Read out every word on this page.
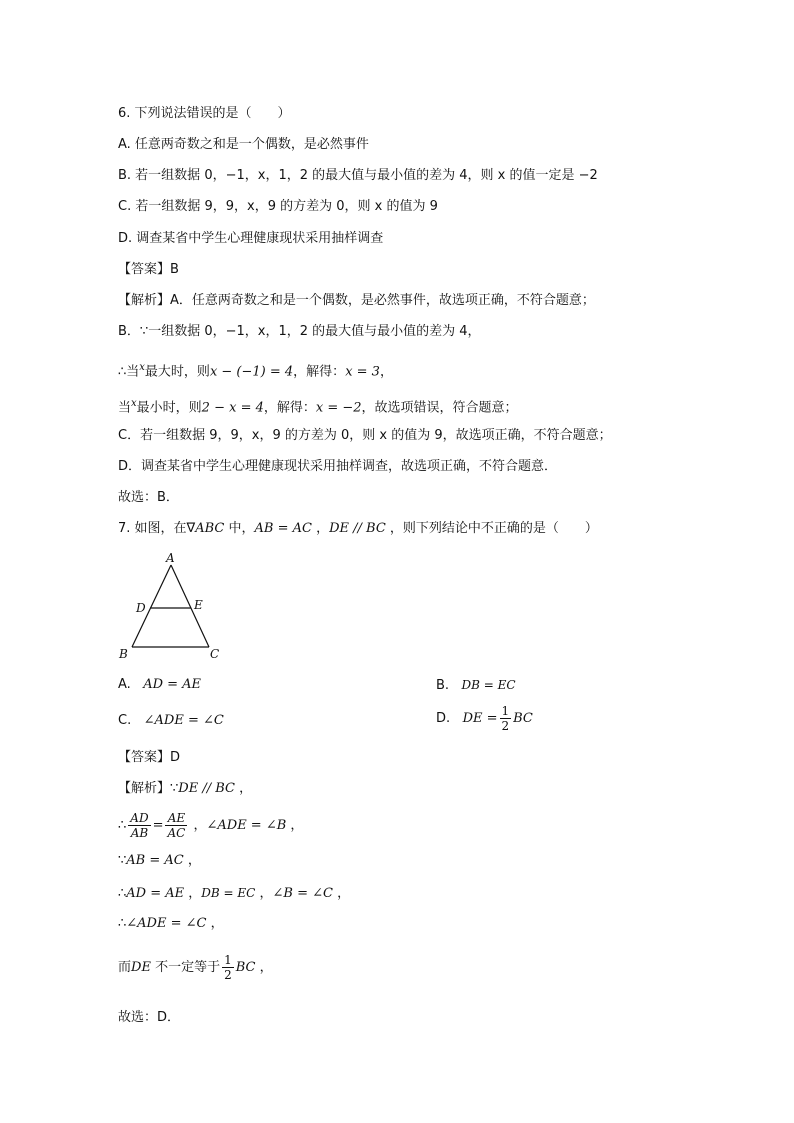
6. 下列说法错误的是（　　）
A. 任意两奇数之和是一个偶数，是必然事件
B. 若一组数据 0，−1，x，1，2 的最大值与最小值的差为 4，则 x 的值一定是 −2
C. 若一组数据 9，9，x，9 的方差为 0，则 x 的值为 9
D. 调查某省中学生心理健康现状采用抽样调查
【答案】B
【解析】A．任意两奇数之和是一个偶数，是必然事件，故选项正确，不符合题意；
B．∵一组数据 0，−1，x，1，2 的最大值与最小值的差为 4，
∴当$^x$最大时，则x − (−1) = 4，解得：x = 3，
当$^x$最小时，则2 − x = 4，解得：x = −2，故选项错误，符合题意；
C．若一组数据 9，9，x，9 的方差为 0，则 x 的值为 9，故选项正确，不符合题意；
D．调查某省中学生心理健康现状采用抽样调查，故选项正确，不符合题意．
故选：B．
7. 如图，在∇ABC 中，AB = AC ，DE // BC ，则下列结论中不正确的是（　　）
A
D	E
B	C
A. AD = AE	B. DB = EC
C. ∠ADE = ∠C	D. DE = $\frac{1}{2}$ BC
【答案】D
【解析】∵DE // BC ，
∴ $\frac{AD}{AB} = \frac{AE}{AC}$ ，∠ADE = ∠B ，
∵AB = AC ，
∴AD = AE ，DB = EC ，∠B = ∠C ，
∴∠ADE = ∠C ，
而DE 不一定等于 $\frac{1}{2}$ BC ，
故选：D．
